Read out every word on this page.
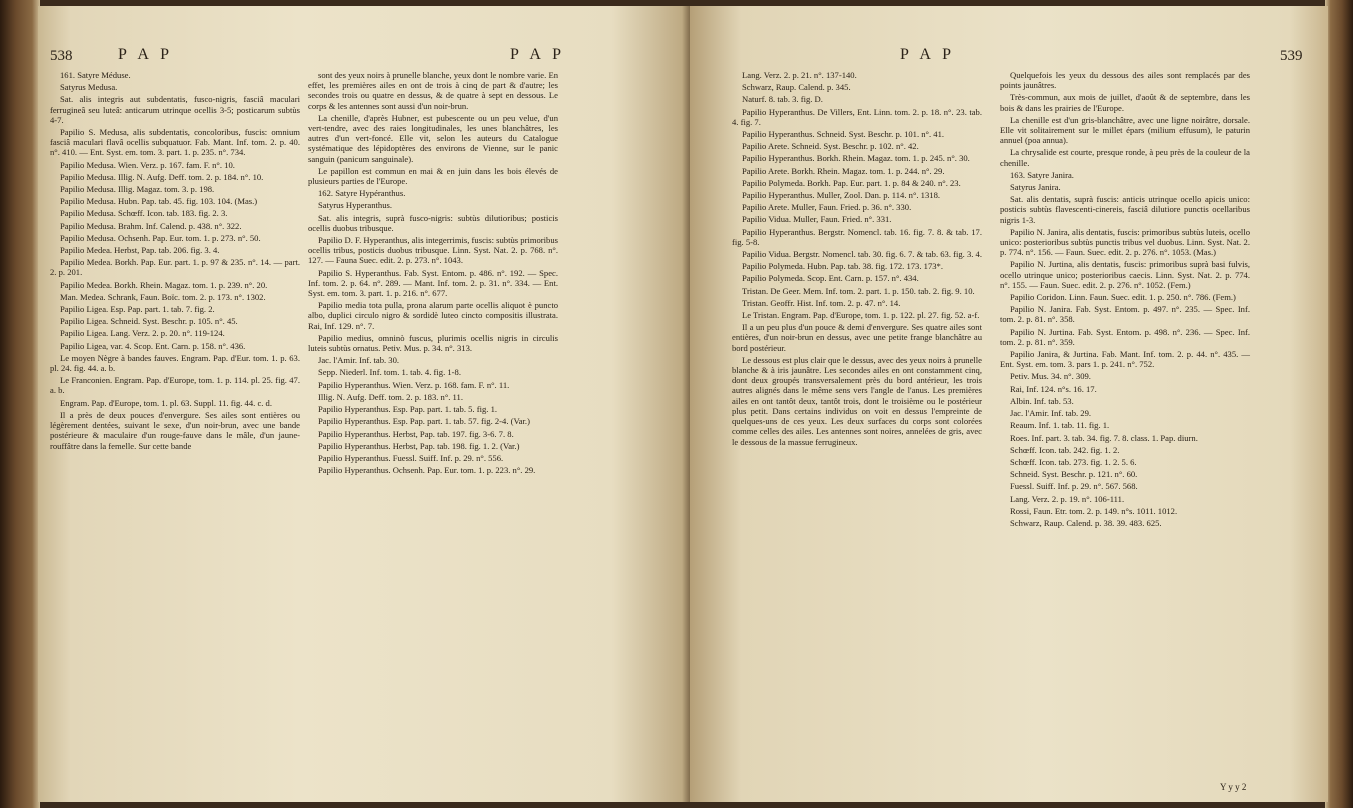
538	P A P	P A P

161. Satyre Méduse.

Satyrus Medusa.

Sat. alis integris aut subdentatis, fusco-nigris, fasciâ maculari ferrugineâ seu luteâ: anticarum utrinque ocellis 3-5; posticarum subtùs 4-7.

Papilio S. Medusa, alis subdentatis, concoloribus, fuscis: omnium fasciâ maculari flavâ ocellis subquatuor. Fab. Mant. Inf. tom. 2. p. 40. n°. 410. — Ent. Syst. em. tom. 3. part. 1. p. 235. n°. 734.

Papilio Medusa. Wien. Verz. p. 167. fam. F. n°. 10.

Papilio Medusa. Illig. N. Aufg. Deff. tom. 2. p. 184. n°. 10.

Papilio Medusa. Illig. Magaz. tom. 3. p. 198.

Papilio Medusa. Hubn. Pap. tab. 45. fig. 103. 104. (Mas.)

Papilio Medusa. Schœff. Icon. tab. 183. fig. 2. 3.

Papilio Medusa. Brahm. Inf. Calend. p. 438. n°. 322.

Papilio Medusa. Ochsenh. Pap. Eur. tom. 1. p. 273. n°. 50.

Papilio Medea. Herbst, Pap. tab. 206. fig. 3. 4.

Papilio Medea. Borkh. Pap. Eur. part. 1. p. 97 & 235. n°. 14. — part. 2. p. 201.

Papilio Medea. Borkh. Rhein. Magaz. tom. 1. p. 239. n°. 20.

Man. Medea. Schrank, Faun. Boïc. tom. 2. p. 173. n°. 1302.

Papilio Ligea. Esp. Pap. part. 1. tab. 7. fig. 2.

Papilio Ligea. Schneid. Syst. Beschr. p. 105. n°. 45.

Papilio Ligea. Lang. Verz. 2. p. 20. n°. 119-124.

Papilio Ligea, var. 4. Scop. Ent. Carn. p. 158. n°. 436.

Le moyen Nègre à bandes fauves. Engram. Pap. d'Eur. tom. 1. p. 63. pl. 24. fig. 44. a. b.

Le Franconien. Engram. Pap. d'Europe, tom. 1. p. 114. pl. 25. fig. 47. a. b.

Engram. Pap. d'Europe, tom. 1. pl. 63. Suppl. 11. fig. 44. c. d.

Il a près de deux pouces d'envergure. Ses ailes sont entières ou légèrement dentées, suivant le sexe, d'un noir-brun, avec une bande postérieure & maculaire d'un rouge-fauve dans le mâle, d'un jaune-rouffâtre dans la femelle. Sur cette bande

sont des yeux noirs à prunelle blanche, yeux dont le nombre varie. En effet, les premières ailes en ont de trois à cinq de part & d'autre; les secondes trois ou quatre en dessus, & de quatre à sept en dessous. Le corps & les antennes sont aussi d'un noir-brun.

La chenille, d'après Hubner, est pubescente ou un peu velue, d'un vert-tendre, avec des raies longitudinales, les unes blanchâtres, les autres d'un vert-foncé. Elle vit, selon les auteurs du Catalogue systématique des lépidoptères des environs de Vienne, sur le panic sanguin (panicum sanguinale).

Le papillon est commun en mai & en juin dans les bois élevés de plusieurs parties de l'Europe.

162. Satyre Hypéranthus.

Satyrus Hyperanthus.

Sat. alis integris, suprà fusco-nigris: subtùs dilutioribus; posticis ocellis duobus tribusque.

Papilio D. F. Hyperanthus, alis integerrimis, fuscis: subtùs primoribus ocellis tribus, posticis duobus tribusque. Linn. Syst. Nat. 2. p. 768. n°. 127. — Fauna Suec. edit. 2. p. 273. n°. 1043.

Papilio S. Hyperanthus. Fab. Syst. Entom. p. 486. n°. 192. — Spec. Inf. tom. 2. p. 64. n°. 289. — Mant. Inf. tom. 2. p. 31. n°. 334. — Ent. Syst. em. tom. 3. part. 1. p. 216. n°. 677.

Papilio media tota pulla, prona alarum parte ocellis aliquot è puncto albo, duplici circulo nigro & sordidè luteo cincto compositis illustrata. Rai, Inf. 129. n°. 7.

Papilio medius, omninò fuscus, plurimis ocellis nigris in circulis luteis subtùs ornatus. Petiv. Mus. p. 34. n°. 313.

Jac. l'Amir. Inf. tab. 30.

Sepp. Niederl. Inf. tom. 1. tab. 4. fig. 1-8.

Papilio Hyperanthus. Wien. Verz. p. 168. fam. F. n°. 11.

Illig. N. Aufg. Deff. tom. 2. p. 183. n°. 11.

Papilio Hyperanthus. Esp. Pap. part. 1. tab. 5. fig. 1.

Papilio Hyperanthus. Esp. Pap. part. 1. tab. 57. fig. 2-4. (Var.)

Papilio Hyperanthus. Herbst, Pap. tab. 197. fig. 3-6. 7. 8.

Papilio Hyperanthus. Herbst, Pap. tab. 198. fig. 1. 2. (Var.)

Papilio Hyperanthus. Fuessl. Suiff. Inf. p. 29. n°. 556.

Papilio Hyperanthus. Ochsenh. Pap. Eur. tom. 1. p. 223. n°. 29.

P A P	539

Lang. Verz. 2. p. 21. n°. 137-140.

Schwarz, Raup. Calend. p. 345.

Naturf. 8. tab. 3. fig. D.

Papilio Hyperanthus. De Villers, Ent. Linn. tom. 2. p. 18. n°. 23. tab. 4. fig. 7.

Papilio Hyperanthus. Schneid. Syst. Beschr. p. 101. n°. 41.

Papilio Arete. Schneid. Syst. Beschr. p. 102. n°. 42.

Papilio Hyperanthus. Borkh. Rhein. Magaz. tom. 1. p. 245. n°. 30.

Papilio Arete. Borkh. Rhein. Magaz. tom. 1. p. 244. n°. 29.

Papilio Polymeda. Borkh. Pap. Eur. part. 1. p. 84 & 240. n°. 23.

Papilio Hyperanthus. Muller, Zool. Dan. p. 114. n°. 1318.

Papilio Arete. Muller, Faun. Fried. p. 36. n°. 330.

Papilio Vidua. Muller, Faun. Fried. n°. 331.

Papilio Hyperanthus. Bergstr. Nomencl. tab. 16. fig. 7. 8. & tab. 17. fig. 5-8.

Papilio Vidua. Bergstr. Nomencl. tab. 30. fig. 6. 7. & tab. 63. fig. 3. 4.

Papilio Polymeda. Hubn. Pap. tab. 38. fig. 172. 173. 173*.

Papilio Polymeda. Scop. Ent. Carn. p. 157. n°. 434.

Tristan. De Geer. Mem. Inf. tom. 2. part. 1. p. 150. tab. 2. fig. 9. 10.

Tristan. Geoffr. Hist. Inf. tom. 2. p. 47. n°. 14.

Le Tristan. Engram. Pap. d'Europe, tom. 1. p. 122. pl. 27. fig. 52. a-f.

Il a un peu plus d'un pouce & demi d'envergure. Ses quatre ailes sont entières, d'un noir-brun en dessus, avec une petite frange blanchâtre au bord postérieur.

Le dessous est plus clair que le dessus, avec des yeux noirs à prunelle blanche & à iris jaunâtre. Les secondes ailes en ont constamment cinq, dont deux groupés transversalement près du bord antérieur, les trois autres alignés dans le même sens vers l'angle de l'anus. Les premières ailes en ont tantôt deux, tantôt trois, dont le troisième ou le postérieur plus petit. Dans certains individus on voit en dessus l'empreinte de quelques-uns de ces yeux. Les deux surfaces du corps sont colorées comme celles des ailes. Les antennes sont noires, annelées de gris, avec le dessous de la massue ferrugineux.

Quelquefois les yeux du dessous des ailes sont remplacés par des points jaunâtres.

Très-commun, aux mois de juillet, d'août & de septembre, dans les bois & dans les prairies de l'Europe.

La chenille est d'un gris-blanchâtre, avec une ligne noirâtre, dorsale. Elle vit solitairement sur le millet épars (milium effusum), le paturin annuel (poa annua).

La chrysalide est courte, presque ronde, à peu près de la couleur de la chenille.

163. Satyre Janira.

Satyrus Janira.

Sat. alis dentatis, suprà fuscis: anticis utrinque ocello apicis unico: posticis subtùs flavescenti-cinereis, fasciâ dilutiore punctis ocellaribus nigris 1-3.

Papilio N. Janira, alis dentatis, fuscis: primoribus subtùs luteis, ocello unico: posterioribus subtùs punctis tribus vel duobus. Linn. Syst. Nat. 2. p. 774. n°. 156. — Faun. Suec. edit. 2. p. 276. n°. 1053. (Mas.)

Papilio N. Jurtina, alis dentatis, fuscis: primoribus suprà basi fulvis, ocello utrinque unico; posterioribus caecis. Linn. Syst. Nat. 2. p. 774. n°. 155. — Faun. Suec. edit. 2. p. 276. n°. 1052. (Fem.)

Papilio Coridon. Linn. Faun. Suec. edit. 1. p. 250. n°. 786. (Fem.)

Papilio N. Janira. Fab. Syst. Entom. p. 497. n°. 235. — Spec. Inf. tom. 2. p. 81. n°. 358.

Papilio N. Jurtina. Fab. Syst. Entom. p. 498. n°. 236. — Spec. Inf. tom. 2. p. 81. n°. 359.

Papilio Janira, & Jurtina. Fab. Mant. Inf. tom. 2. p. 44. n°. 435. — Ent. Syst. em. tom. 3. pars 1. p. 241. n°. 752.

Petiv. Mus. 34. n°. 309.

Rai, Inf. 124. n°s. 16. 17.

Albin. Inf. tab. 53.

Jac. l'Amir. Inf. tab. 29.

Reaum. Inf. 1. tab. 11. fig. 1.

Roes. Inf. part. 3. tab. 34. fig. 7. 8. class. 1. Pap. diurn.

Schœff. Icon. tab. 242. fig. 1. 2.

Schœff. Icon. tab. 273. fig. 1. 2. 5. 6.

Schneid. Syst. Beschr. p. 121. n°. 60.

Fuessl. Suiff. Inf. p. 29. n°. 567. 568.

Lang. Verz. 2. p. 19. n°. 106-111.

Rossi, Faun. Etr. tom. 2. p. 149. n°s. 1011. 1012.

Schwarz, Raup. Calend. p. 38. 39. 483. 625.

Y y y 2
